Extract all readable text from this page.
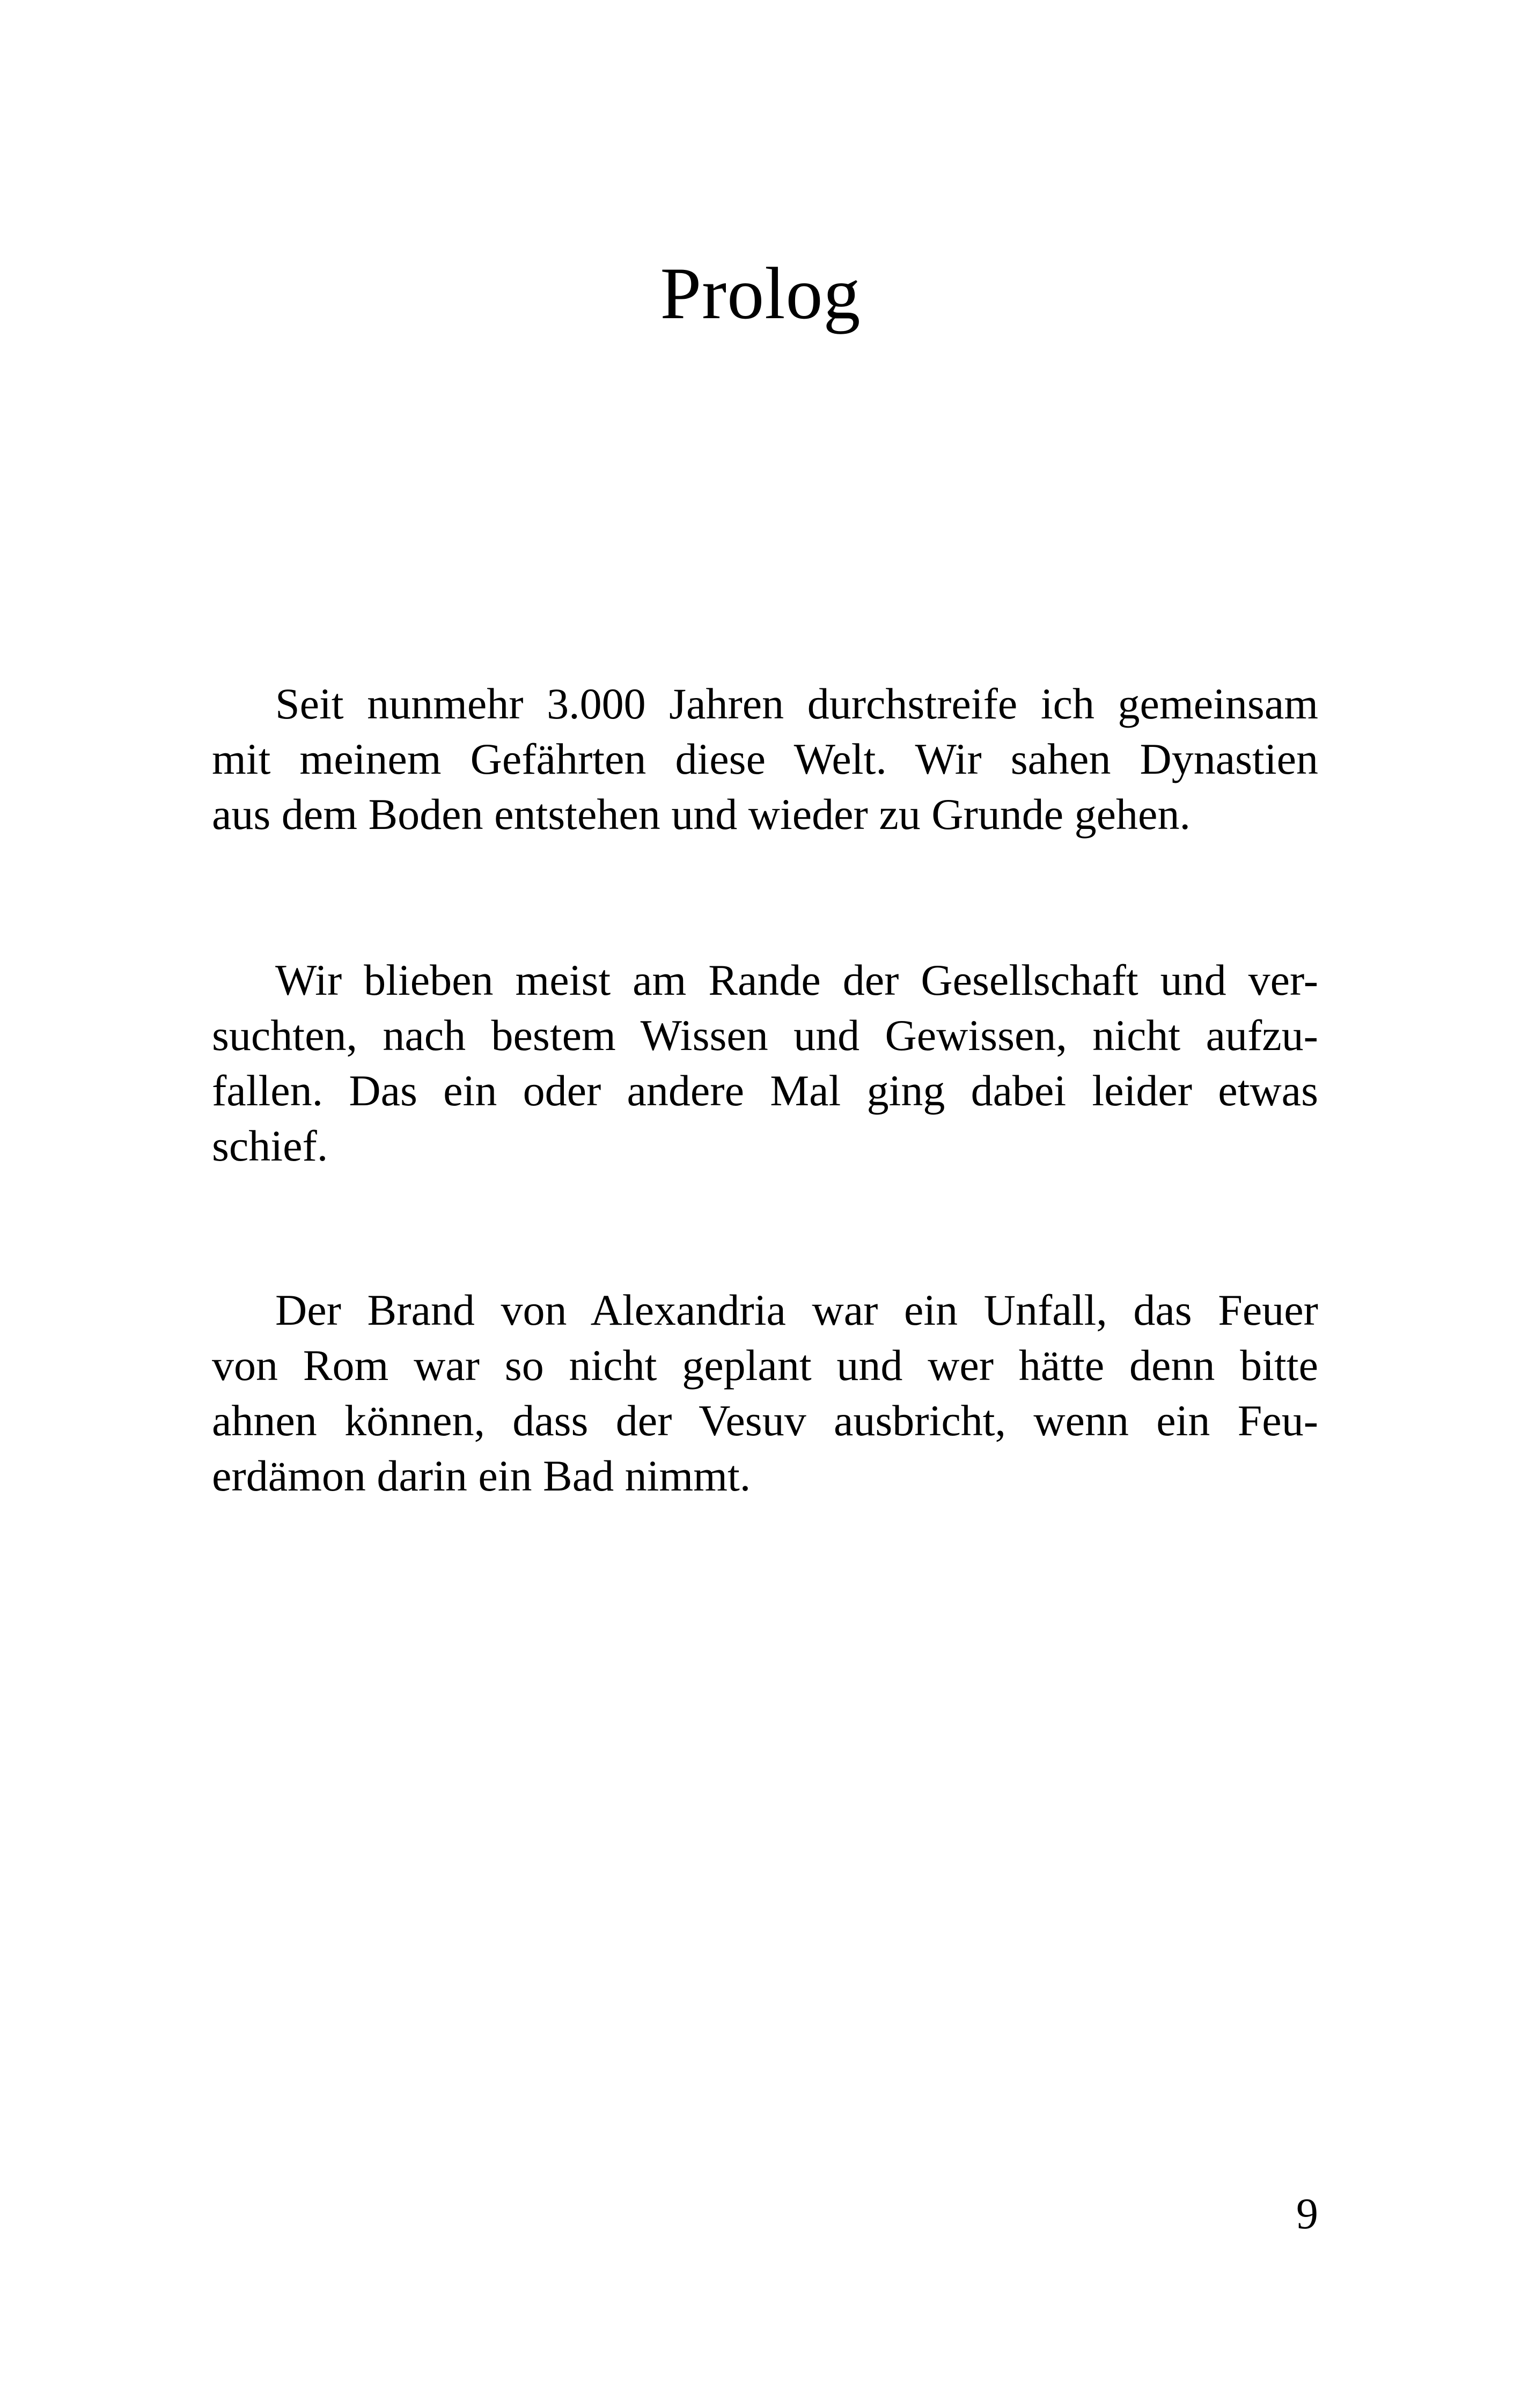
Prolog

Seit nunmehr 3.000 Jahren durchstreife ich gemeinsam
mit meinem Gefährten diese Welt. Wir sahen Dynastien
aus dem Boden entstehen und wieder zu Grunde gehen.

Wir blieben meist am Rande der Gesellschaft und ver-
suchten, nach bestem Wissen und Gewissen, nicht aufzu-
fallen. Das ein oder andere Mal ging dabei leider etwas
schief.

Der Brand von Alexandria war ein Unfall, das Feuer
von Rom war so nicht geplant und wer hätte denn bitte
ahnen können, dass der Vesuv ausbricht, wenn ein Feu-
erdämon darin ein Bad nimmt.

9
